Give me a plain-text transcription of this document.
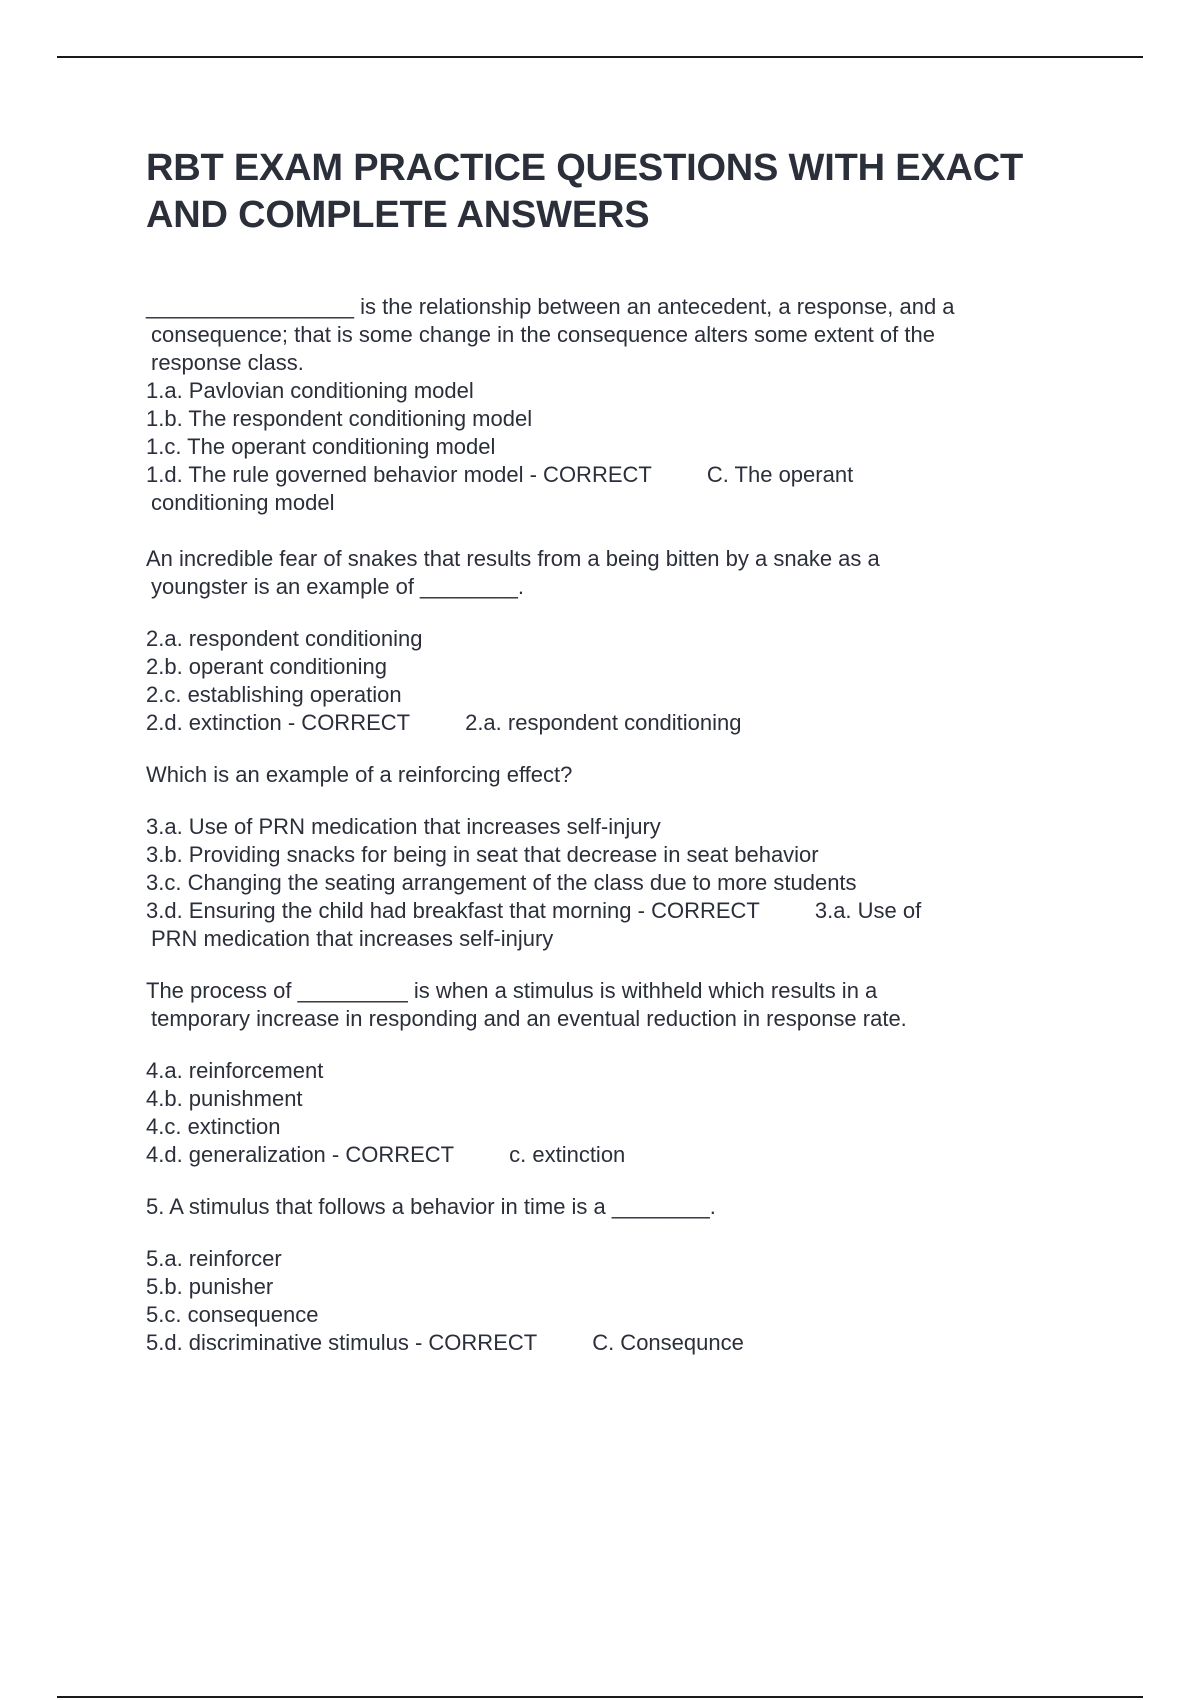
RBT EXAM PRACTICE QUESTIONS WITH EXACT AND COMPLETE ANSWERS

_________________ is the relationship between an antecedent, a response, and a

consequence; that is some change in the consequence alters some extent of the

response class.

1.a. Pavlovian conditioning model

1.b. The respondent conditioning model

1.c. The operant conditioning model

1.d. The rule governed behavior model - CORRECT	C. The operant

conditioning model

An incredible fear of snakes that results from a being bitten by a snake as a

youngster is an example of ________.

2.a. respondent conditioning

2.b. operant conditioning

2.c. establishing operation

2.d. extinction - CORRECT	2.a. respondent conditioning

Which is an example of a reinforcing effect?

3.a. Use of PRN medication that increases self-injury

3.b. Providing snacks for being in seat that decrease in seat behavior

3.c. Changing the seating arrangement of the class due to more students

3.d. Ensuring the child had breakfast that morning - CORRECT	3.a. Use of

PRN medication that increases self-injury

The process of _________ is when a stimulus is withheld which results in a

temporary increase in responding and an eventual reduction in response rate.

4.a. reinforcement

4.b. punishment

4.c. extinction

4.d. generalization - CORRECT	c. extinction

5. A stimulus that follows a behavior in time is a ________.

5.a. reinforcer

5.b. punisher

5.c. consequence

5.d. discriminative stimulus - CORRECT	C. Consequnce
